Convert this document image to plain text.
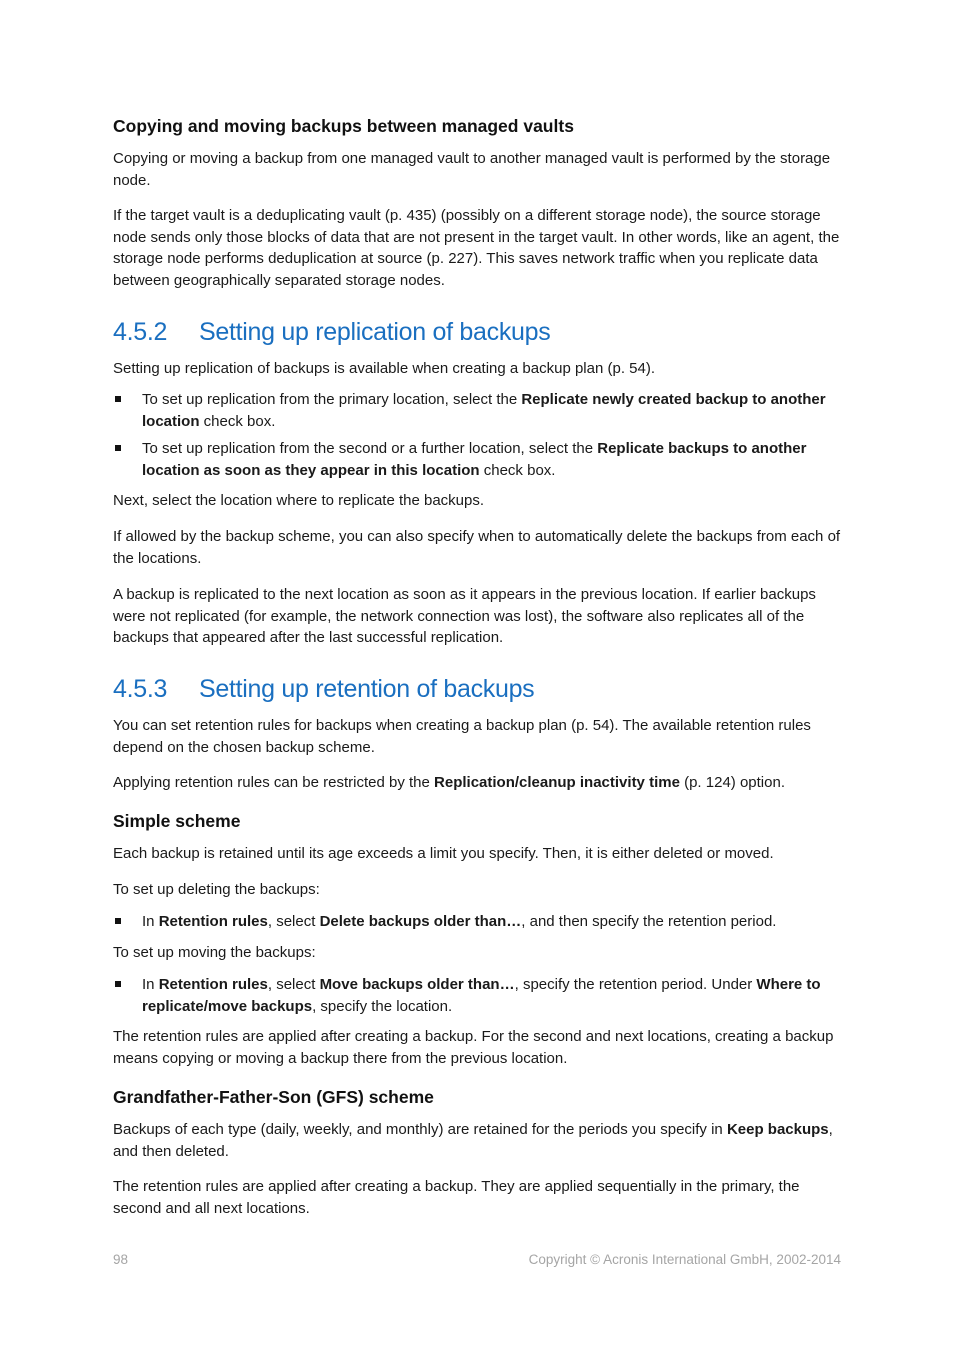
Copying and moving backups between managed vaults

Copying or moving a backup from one managed vault to another managed vault is performed by the storage node.

If the target vault is a deduplicating vault (p. 435) (possibly on a different storage node), the source storage node sends only those blocks of data that are not present in the target vault. In other words, like an agent, the storage node performs deduplication at source (p. 227). This saves network traffic when you replicate data between geographically separated storage nodes.

4.5.2 Setting up replication of backups

Setting up replication of backups is available when creating a backup plan (p. 54).

To set up replication from the primary location, select the Replicate newly created backup to another location check box.
To set up replication from the second or a further location, select the Replicate backups to another location as soon as they appear in this location check box.

Next, select the location where to replicate the backups.

If allowed by the backup scheme, you can also specify when to automatically delete the backups from each of the locations.

A backup is replicated to the next location as soon as it appears in the previous location. If earlier backups were not replicated (for example, the network connection was lost), the software also replicates all of the backups that appeared after the last successful replication.

4.5.3 Setting up retention of backups

You can set retention rules for backups when creating a backup plan (p. 54). The available retention rules depend on the chosen backup scheme.

Applying retention rules can be restricted by the Replication/cleanup inactivity time (p. 124) option.

Simple scheme

Each backup is retained until its age exceeds a limit you specify. Then, it is either deleted or moved.

To set up deleting the backups:

In Retention rules, select Delete backups older than…, and then specify the retention period.

To set up moving the backups:

In Retention rules, select Move backups older than…, specify the retention period. Under Where to replicate/move backups, specify the location.

The retention rules are applied after creating a backup. For the second and next locations, creating a backup means copying or moving a backup there from the previous location.

Grandfather-Father-Son (GFS) scheme

Backups of each type (daily, weekly, and monthly) are retained for the periods you specify in Keep backups, and then deleted.

The retention rules are applied after creating a backup. They are applied sequentially in the primary, the second and all next locations.

98	Copyright © Acronis International GmbH, 2002-2014
